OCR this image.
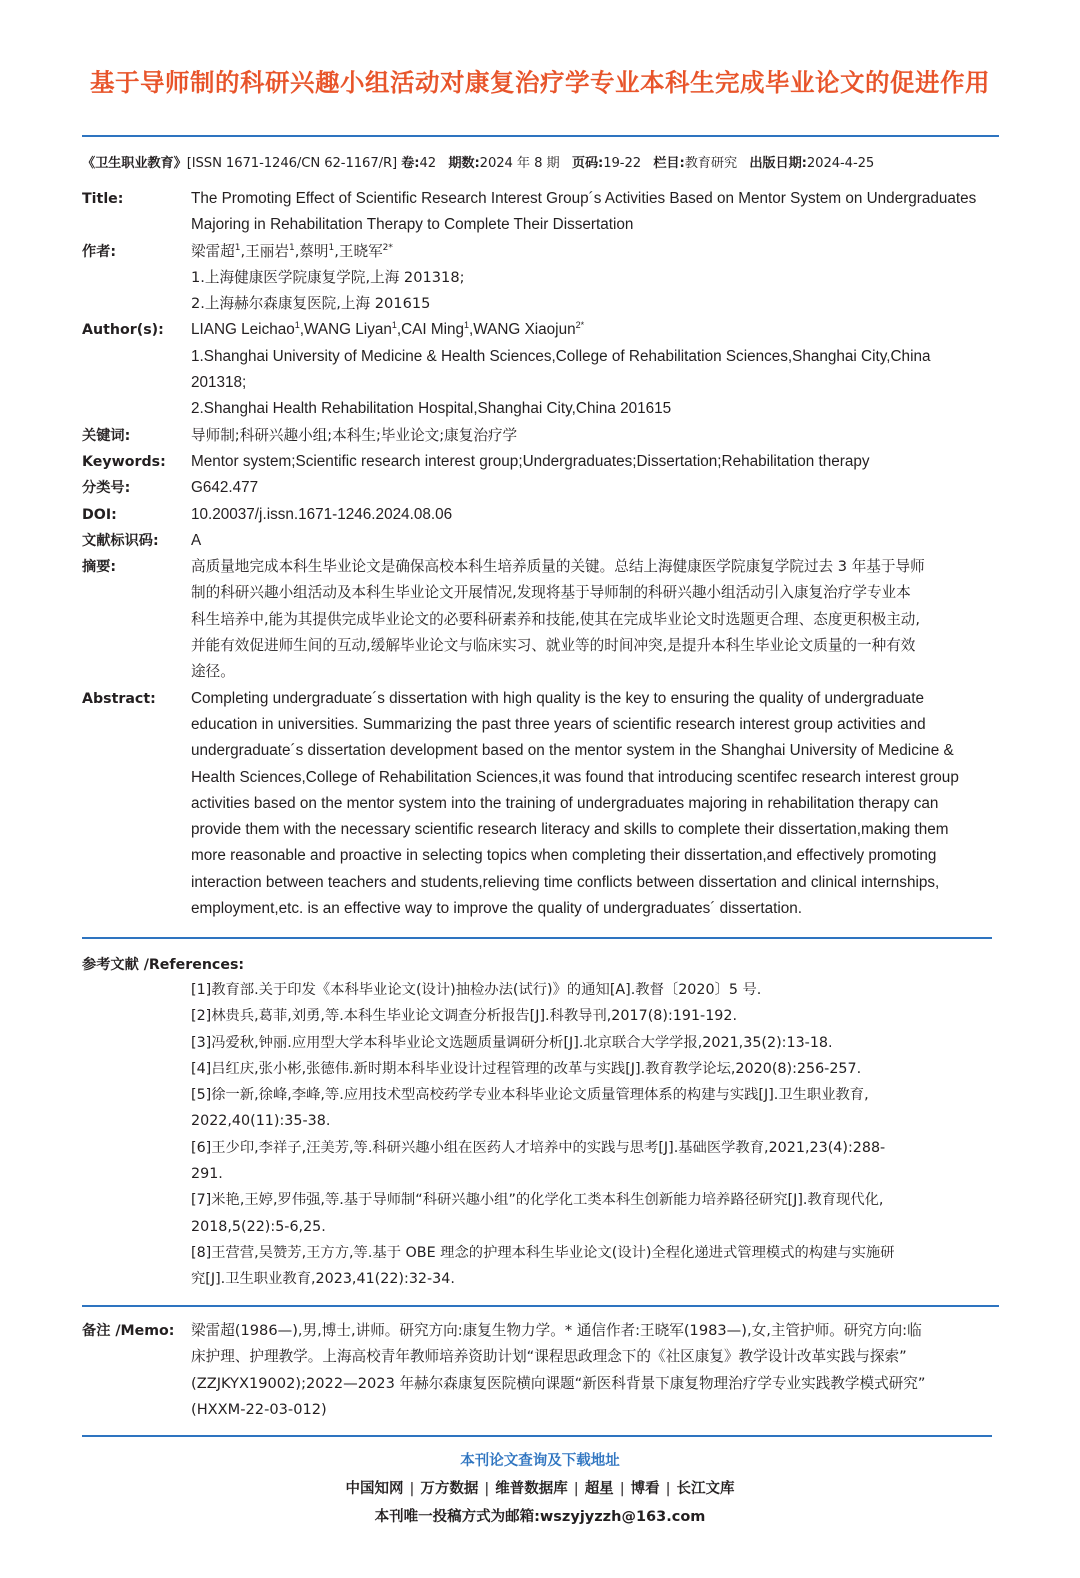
基于导师制的科研兴趣小组活动对康复治疗学专业本科生完成毕业论文的促进作用
《卫生职业教育》[ISSN 1671-1246/CN 62-1167/R] 卷:42 期数:2024 年 8 期 页码:19-22 栏目:教育研究 出版日期:2024-4-25
Title:	The Promoting Effect of Scientific Research Interest Group´s Activities Based on Mentor System on Undergraduates

Majoring in Rehabilitation Therapy to Complete Their Dissertation

作者:	梁雷超$^1$,王丽岩$^1$,蔡明$^1$,王晓军$^{2*}$

1.上海健康医学院康复学院,上海 201318;

2.上海赫尔森康复医院,上海 201615

Author(s):	LIANG Leichao$^1$,WANG Liyan$^1$,CAI Ming$^1$,WANG Xiaojun$^{2*}$

1.Shanghai University of Medicine & Health Sciences,College of Rehabilitation Sciences,Shanghai City,China

201318;

2.Shanghai Health Rehabilitation Hospital,Shanghai City,China 201615

关键词:	导师制;科研兴趣小组;本科生;毕业论文;康复治疗学

Keywords:	Mentor system;Scientific research interest group;Undergraduates;Dissertation;Rehabilitation therapy

分类号:	G642.477

DOI:	10.20037/j.issn.1671-1246.2024.08.06

文献标识码:	A

摘要:	高质量地完成本科生毕业论文是确保高校本科生培养质量的关键。总结上海健康医学院康复学院过去 3 年基于导师

制的科研兴趣小组活动及本科生毕业论文开展情况,发现将基于导师制的科研兴趣小组活动引入康复治疗学专业本

科生培养中,能为其提供完成毕业论文的必要科研素养和技能,使其在完成毕业论文时选题更合理、态度更积极主动,

并能有效促进师生间的互动,缓解毕业论文与临床实习、就业等的时间冲突,是提升本科生毕业论文质量的一种有效

途径。

Abstract:	Completing undergraduate´s dissertation with high quality is the key to ensuring the quality of undergraduate

education in universities. Summarizing the past three years of scientific research interest group activities and

undergraduate´s dissertation development based on the mentor system in the Shanghai University of Medicine &

Health Sciences,College of Rehabilitation Sciences,it was found that introducing scentifec research interest group

activities based on the mentor system into the training of undergraduates majoring in rehabilitation therapy can

provide them with the necessary scientific research literacy and skills to complete their dissertation,making them

more reasonable and proactive in selecting topics when completing their dissertation,and effectively promoting

interaction between teachers and students,relieving time conflicts between dissertation and clinical internships,

employment,etc. is an effective way to improve the quality of undergraduates´ dissertation.

参考文献 /References:

[1]教育部.关于印发《本科毕业论文(设计)抽检办法(试行)》的通知[A].教督〔2020〕5 号.

[2]林贵兵,葛菲,刘勇,等.本科生毕业论文调查分析报告[J].科教导刊,2017(8):191-192.

[3]冯爱秋,钟丽.应用型大学本科毕业论文选题质量调研分析[J].北京联合大学学报,2021,35(2):13-18.

[4]吕红庆,张小彬,张德伟.新时期本科毕业设计过程管理的改革与实践[J].教育教学论坛,2020(8):256-257.

[5]徐一新,徐峰,李峰,等.应用技术型高校药学专业本科毕业论文质量管理体系的构建与实践[J].卫生职业教育,

2022,40(11):35-38.

[6]王少印,李祥子,汪美芳,等.科研兴趣小组在医药人才培养中的实践与思考[J].基础医学教育,2021,23(4):288-

291.

[7]米艳,王婷,罗伟强,等.基于导师制“科研兴趣小组”的化学化工类本科生创新能力培养路径研究[J].教育现代化,

2018,5(22):5-6,25.

[8]王营营,吴赞芳,王方方,等.基于 OBE 理念的护理本科生毕业论文(设计)全程化递进式管理模式的构建与实施研

究[J].卫生职业教育,2023,41(22):32-34.

备注 /Memo:	梁雷超(1986—),男,博士,讲师。研究方向:康复生物力学。* 通信作者:王晓军(1983—),女,主管护师。研究方向:临

床护理、护理教学。上海高校青年教师培养资助计划“课程思政理念下的《社区康复》教学设计改革实践与探索”

(ZZJKYX19002);2022—2023 年赫尔森康复医院横向课题“新医科背景下康复物理治疗学专业实践教学模式研究”

(HXXM-22-03-012)

本刊论文查询及下载地址
中国知网 | 万方数据 | 维普数据库 | 超星 | 博看 | 长江文库
本刊唯一投稿方式为邮箱:wszyjyzzh@163.com
